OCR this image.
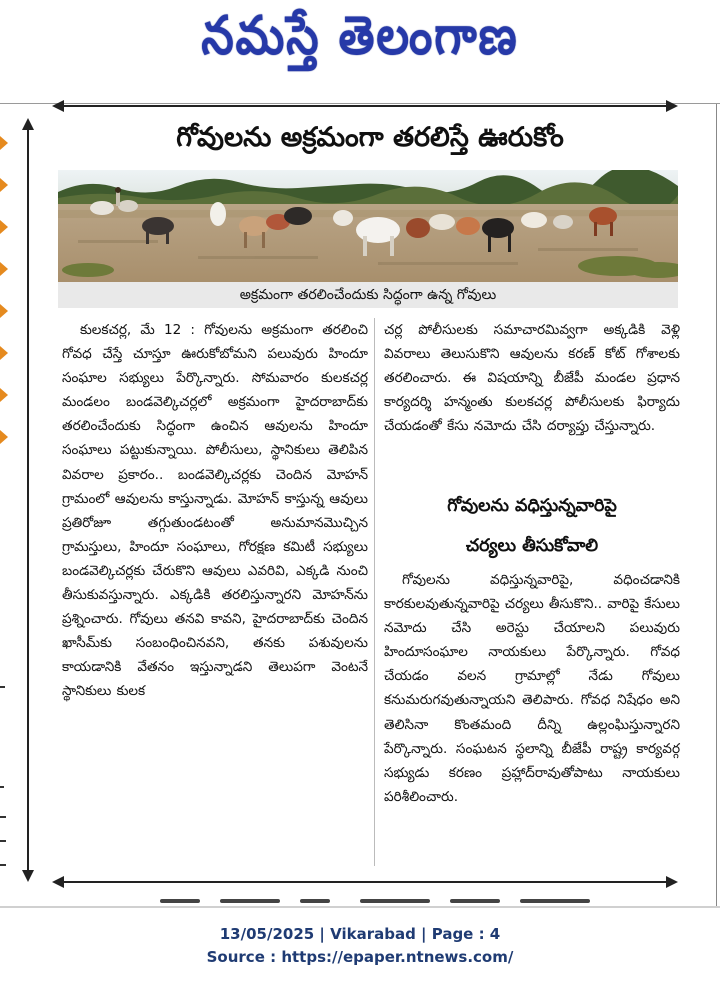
నమస్తే తెలంగాణ
గోవులను అక్రమంగా తరలిస్తే ఊరుకోం
అక్రమంగా తరలించేందుకు సిద్ధంగా ఉన్న గోవులు
కులకచర్ల, మే 12 : గోవులను అక్రమంగా తరలించి గోవధ చేస్తే చూస్తూ ఊరుకోబోమని పలువురు హిందూ సంఘాల సభ్యులు పేర్కొన్నారు. సోమవారం కులకచర్ల మండలం బండవెల్కిచర్లలో అక్రమంగా హైదరాబాద్‌కు తరలించేందుకు సిద్ధంగా ఉంచిన ఆవులను హిందూ సంఘాలు పట్టుకున్నాయి. పోలీసులు, స్థానికులు తెలిపిన వివరాల ప్రకారం.. బండవెల్కిచర్లకు చెందిన మోహన్ గ్రామంలో ఆవులను కాస్తున్నాడు. మోహన్ కాస్తున్న ఆవులు ప్రతిరోజూ తగ్గుతుండటంతో అనుమానమొచ్చిన గ్రామస్తులు, హిందూ సంఘాలు, గోరక్షణ కమిటీ సభ్యులు బండవెల్కిచర్లకు చేరుకొని ఆవులు ఎవరివి, ఎక్కడి నుంచి తీసుకువస్తున్నారు. ఎక్కడికి తరలిస్తున్నారని మోహన్‌ను ప్రశ్నించారు. గోవులు తనవి కావని, హైదరాబాద్‌కు చెందిన ఖాసీమ్‌కు సంబంధించినవని, తనకు పశువులను కాయడానికి వేతనం ఇస్తున్నాడని తెలుపగా వెంటనే స్థానికులు కులక
చర్ల పోలీసులకు సమాచారమివ్వగా అక్కడికి వెళ్లి వివరాలు తెలుసుకొని ఆవులను కరణ్ కోట్ గోశాలకు తరలించారు. ఈ విషయాన్ని బీజేపీ మండల ప్రధాన కార్యదర్శి హన్మంతు కులకచర్ల పోలీసులకు ఫిర్యాదు చేయడంతో కేసు నమోదు చేసి దర్యాప్తు చేస్తున్నారు.
గోవులను వధిస్తున్నవారిపై
చర్యలు తీసుకోవాలి
గోవులను వధిస్తున్నవారిపై, వధించడానికి కారకులవుతున్నవారిపై చర్యలు తీసుకొని.. వారిపై కేసులు నమోదు చేసి అరెస్టు చేయాలని పలువురు హిందూసంఘాల నాయకులు పేర్కొన్నారు. గోవధ చేయడం వలన గ్రామాల్లో నేడు గోవులు కనుమరుగవుతున్నాయని తెలిపారు. గోవధ నిషేధం అని తెలిసినా కొంతమంది దీన్ని ఉల్లంఘిస్తున్నారని పేర్కొన్నారు. సంఘటన స్థలాన్ని బీజేపీ రాష్ట్ర కార్యవర్గ సభ్యుడు కరణం ప్రహ్లాద్‌రావుతోపాటు నాయకులు పరిశీలించారు.
13/05/2025 | Vikarabad | Page : 4
Source : https://epaper.ntnews.com/
